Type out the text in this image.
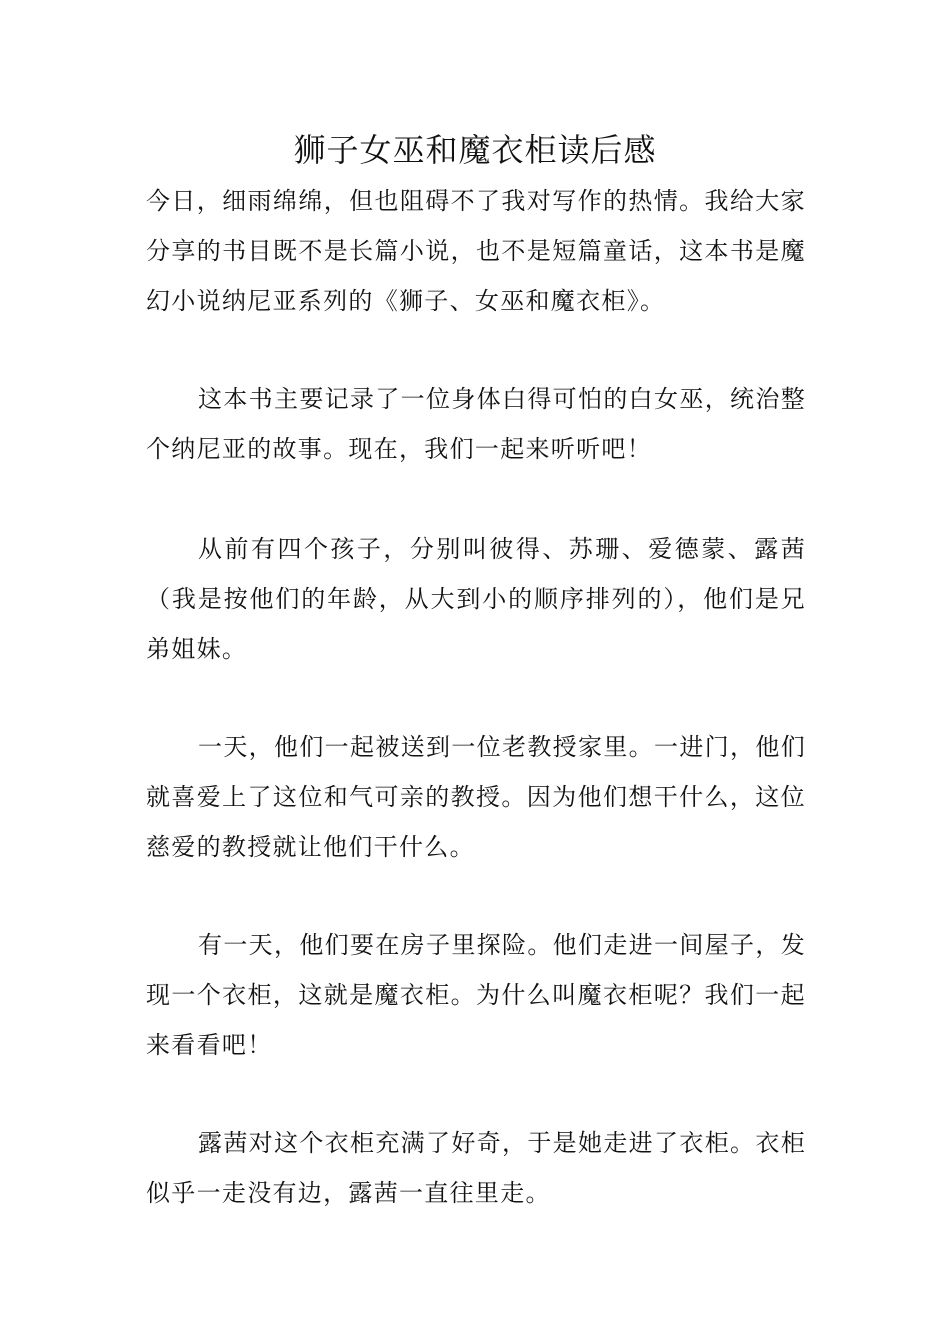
狮子女巫和魔衣柜读后感

今日，细雨绵绵，但也阻碍不了我对写作的热情。我给大家分享的书目既不是长篇小说，也不是短篇童话，这本书是魔幻小说纳尼亚系列的《狮子、女巫和魔衣柜》。

这本书主要记录了一位身体白得可怕的白女巫，统治整个纳尼亚的故事。现在，我们一起来听听吧！

从前有四个孩子，分别叫彼得、苏珊、爱德蒙、露茜（我是按他们的年龄，从大到小的顺序排列的），他们是兄弟姐妹。

一天，他们一起被送到一位老教授家里。一进门，他们就喜爱上了这位和气可亲的教授。因为他们想干什么，这位慈爱的教授就让他们干什么。

有一天，他们要在房子里探险。他们走进一间屋子，发现一个衣柜，这就是魔衣柜。为什么叫魔衣柜呢？我们一起来看看吧！

露茜对这个衣柜充满了好奇，于是她走进了衣柜。衣柜似乎一走没有边，露茜一直往里走。
